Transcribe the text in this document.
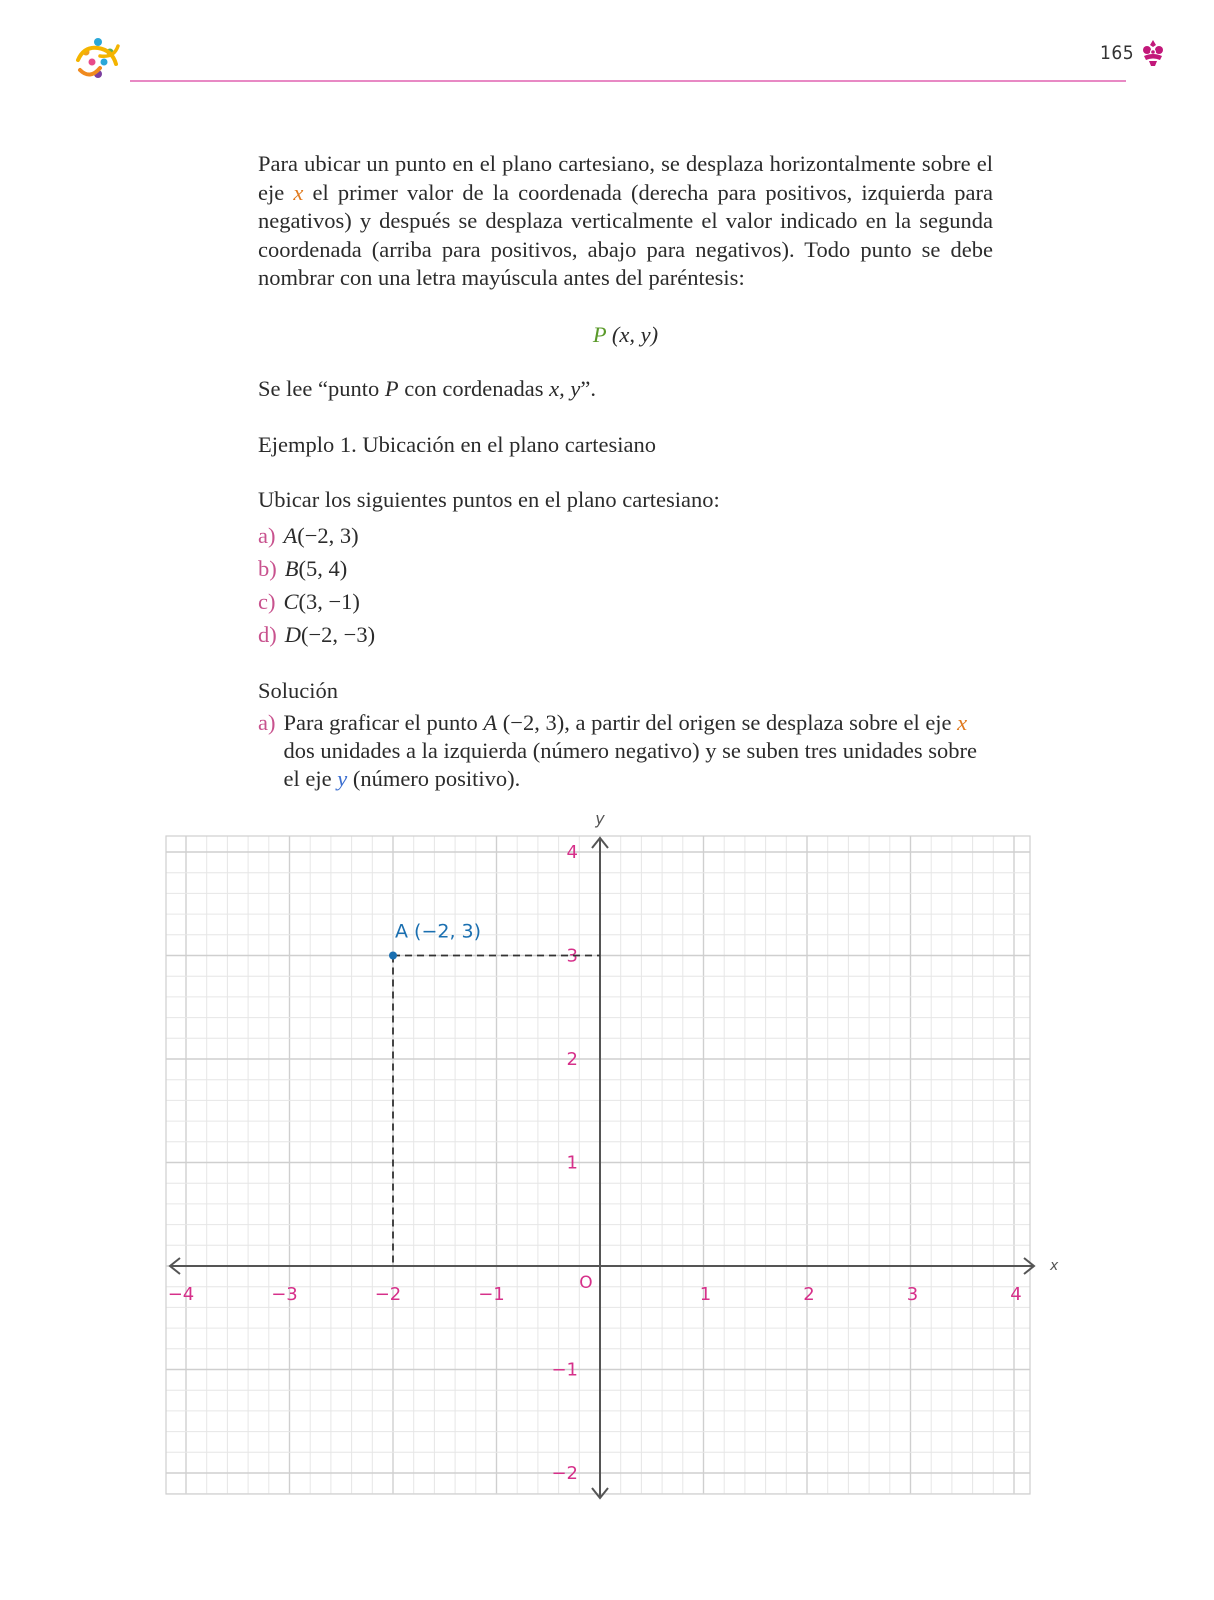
165

Para ubicar un punto en el plano cartesiano, se desplaza horizontalmente sobre el eje x el primer valor de la coordenada (derecha para positivos, izquierda para negativos) y después se desplaza verticalmente el valor indicado en la segunda coordenada (arriba para positivos, abajo para negativos). Todo punto se debe nombrar con una letra mayúscula antes del paréntesis:

P (x, y)

Se lee “punto P con cordenadas x, y”.

Ejemplo 1. Ubicación en el plano cartesiano

Ubicar los siguientes puntos en el plano cartesiano:

a) A(−2, 3)
b) B(5, 4)
c) C(3, −1)
d) D(−2, −3)

Solución

a) Para graficar el punto A (−2, 3), a partir del origen se desplaza sobre el eje x dos unidades a la izquierda (número negativo) y se suben tres unidades sobre el eje y (número positivo).
y
x
O
−4	−3	−2	−1	1	2	3	4
4
3
2
1
−1
−2
A (−2, 3)
